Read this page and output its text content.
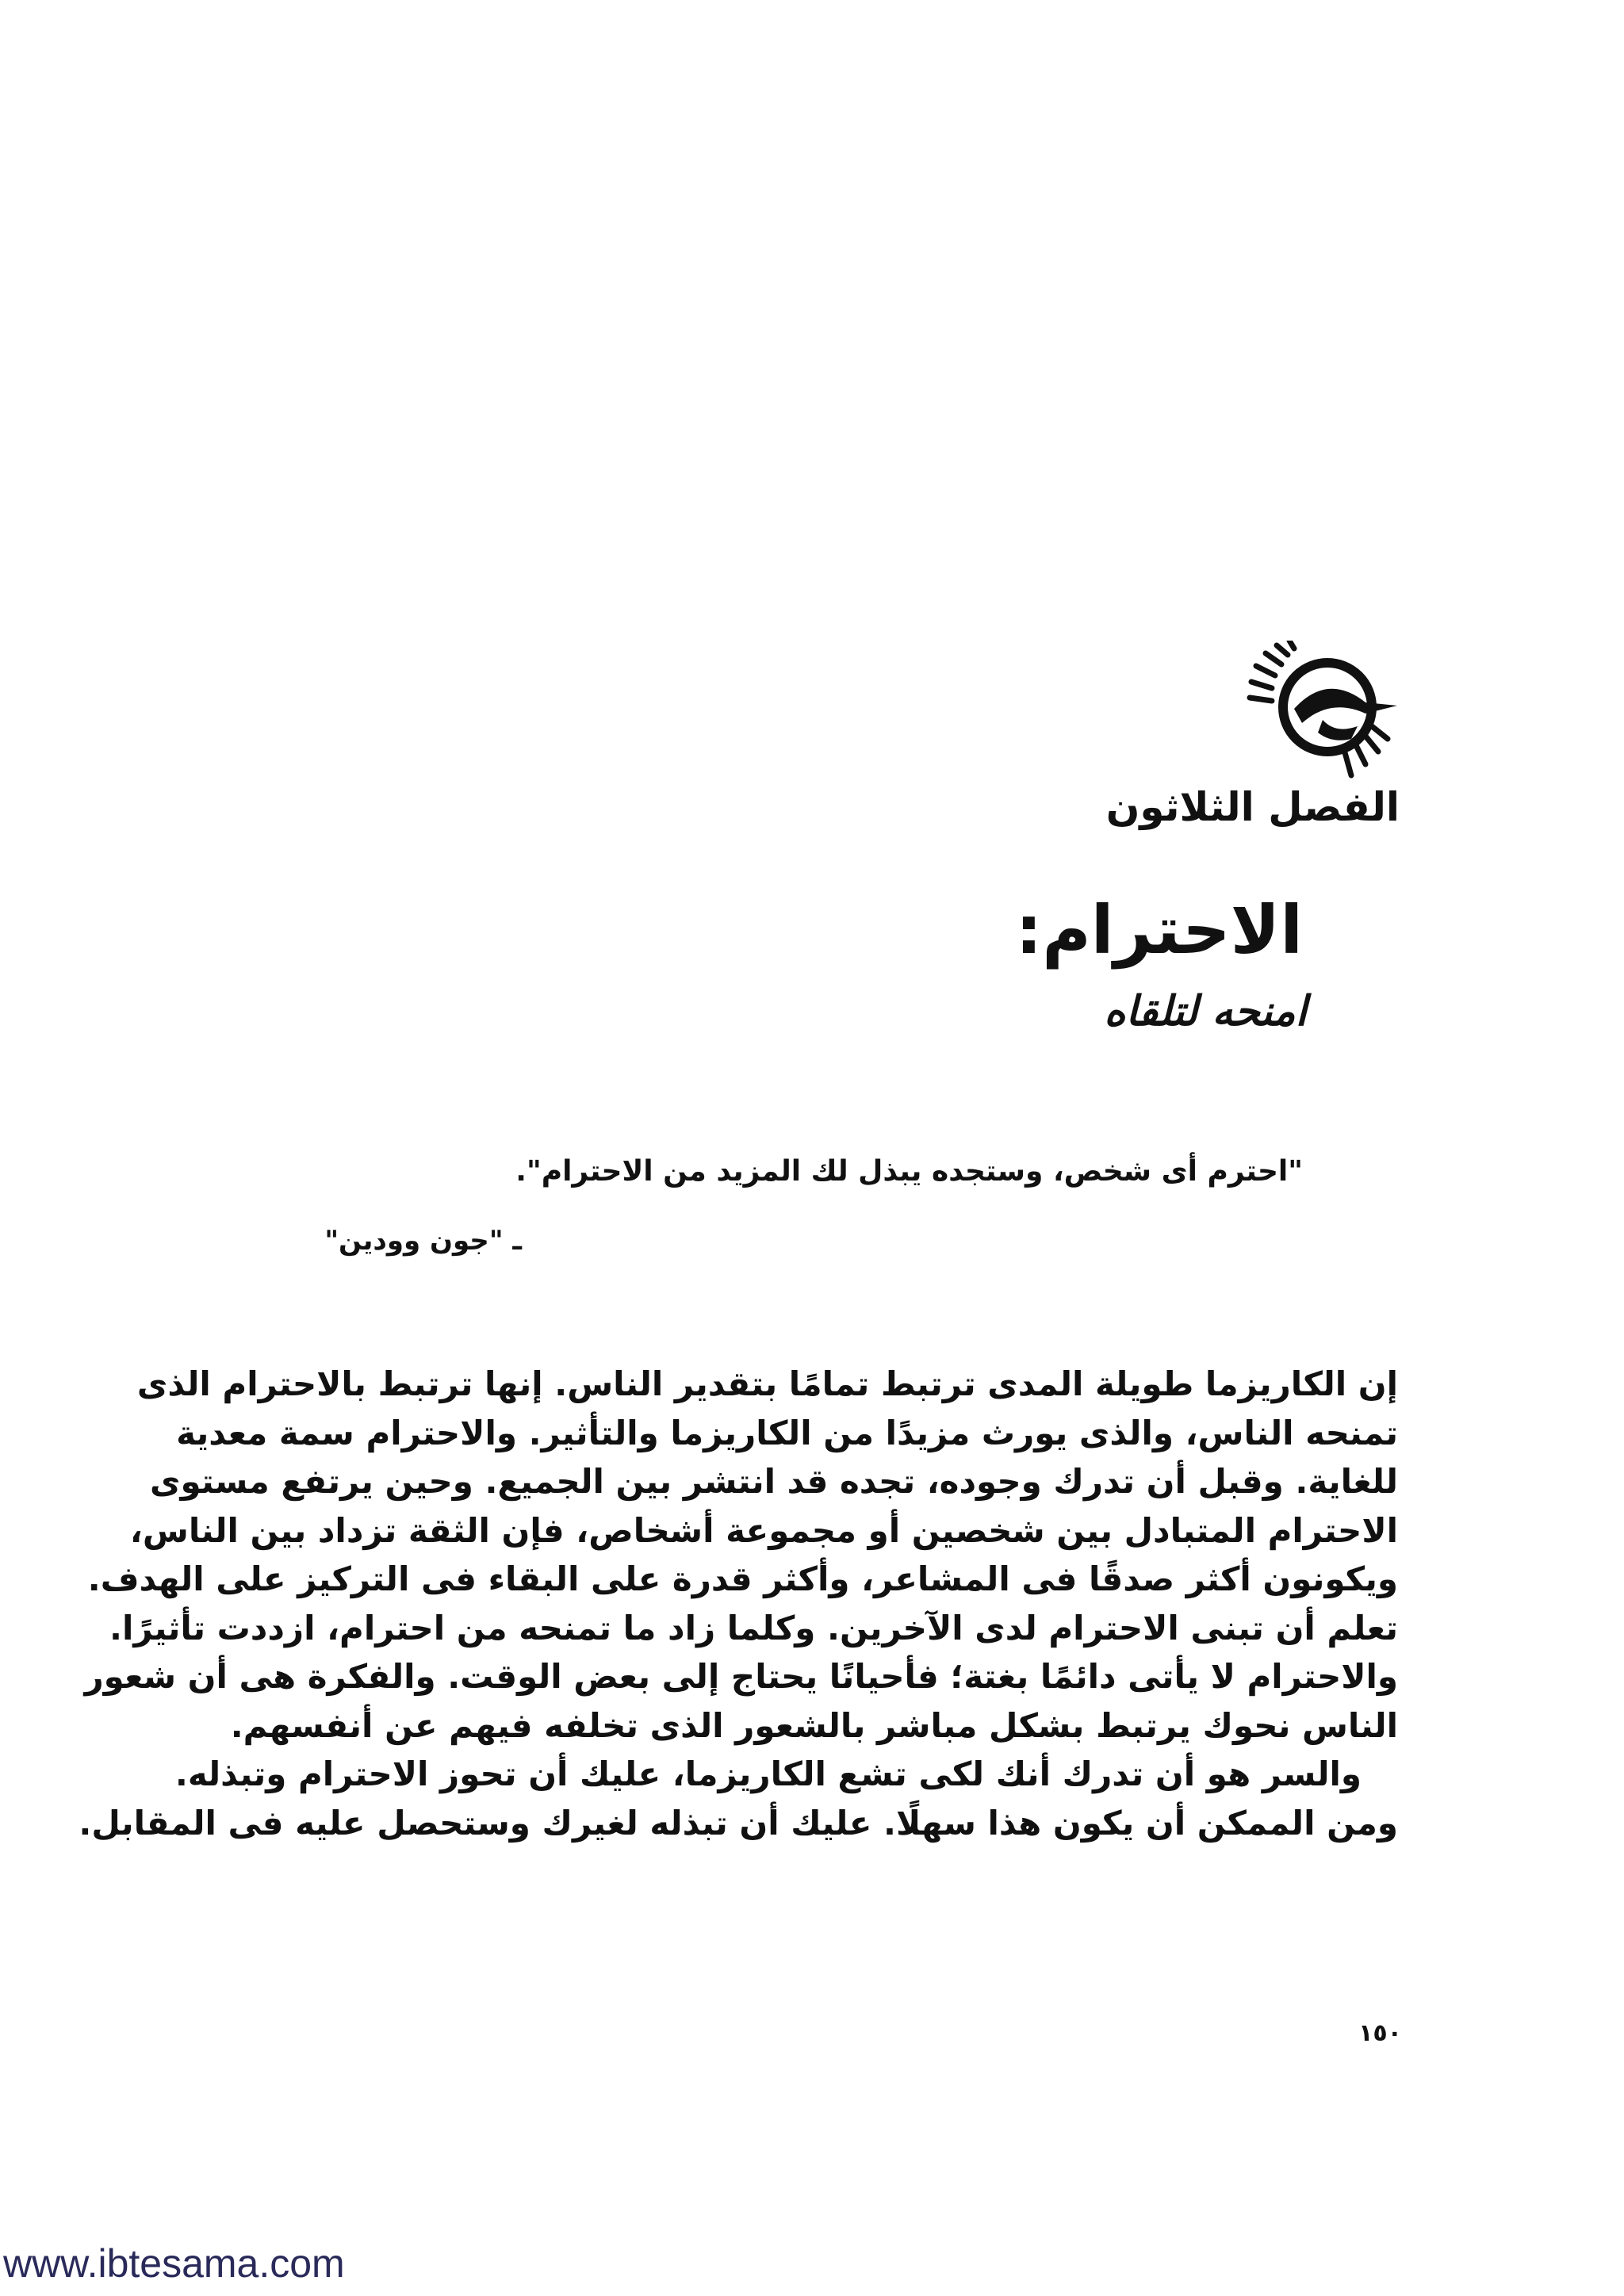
الفصل الثلاثون
الاحترام:
امنحه لتلقاه
"احترم أى شخص، وستجده يبذل لك المزيد من الاحترام".
ـ "جون وودين"
إن الكاريزما طويلة المدى ترتبط تمامًا بتقدير الناس. إنها ترتبط بالاحترام الذى
تمنحه الناس، والذى يورث مزيدًا من الكاريزما والتأثير. والاحترام سمة معدية
للغاية. وقبل أن تدرك وجوده، تجده قد انتشر بين الجميع. وحين يرتفع مستوى
الاحترام المتبادل بين شخصين أو مجموعة أشخاص، فإن الثقة تزداد بين الناس،
ويكونون أكثر صدقًا فى المشاعر، وأكثر قدرة على البقاء فى التركيز على الهدف.
تعلم أن تبنى الاحترام لدى الآخرين. وكلما زاد ما تمنحه من احترام، ازددت تأثيرًا.
والاحترام لا يأتى دائمًا بغتة؛ فأحيانًا يحتاج إلى بعض الوقت. والفكرة هى أن شعور
الناس نحوك يرتبط بشكل مباشر بالشعور الذى تخلفه فيهم عن أنفسهم.
والسر هو أن تدرك أنك لكى تشع الكاريزما، عليك أن تحوز الاحترام وتبذله.
ومن الممكن أن يكون هذا سهلًا. عليك أن تبذله لغيرك وستحصل عليه فى المقابل.
١٥٠
www.ibtesama.com
